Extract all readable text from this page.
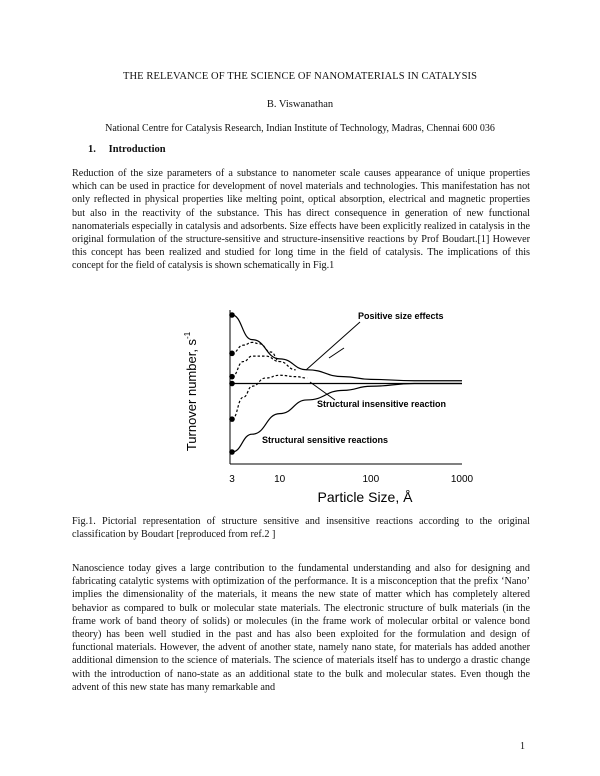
THE RELEVANCE OF THE SCIENCE OF NANOMATERIALS IN CATALYSIS
B. Viswanathan
National Centre for Catalysis Research, Indian Institute of Technology, Madras, Chennai 600 036
1. Introduction

Reduction of the size parameters of a substance to nanometer scale causes appearance of unique properties which can be used in practice for development of novel materials and technologies. This manifestation has not only reflected in physical properties like melting point, optical absorption, electrical and magnetic properties but also in the reactivity of the substance. This has direct consequence in generation of new functional nanomaterials especially in catalysis and adsorbents. Size effects have been explicitly realized in catalysis in the original formulation of the structure-sensitive and structure-insensitive reactions by Prof Boudart.[1] However this concept has been realized and studied for long time in the field of catalysis. The implications of this concept for the field of catalysis is shown schematically in Fig.1

Turnover number, $s^{-1}$
3	10	100	1000
Particle Size, Å
Positive size effects
Structural insensitive reaction
Structural sensitive reactions

Fig.1. Pictorial representation of structure sensitive and insensitive reactions according to the original classification by Boudart [reproduced from ref.2 ]

Nanoscience today gives a large contribution to the fundamental understanding and also for designing and fabricating catalytic systems with optimization of the performance. It is a misconception that the prefix ‘Nano’ implies the dimensionality of the materials, it means the new state of matter which has completely altered behavior as compared to bulk or molecular state materials. The electronic structure of bulk materials (in the frame work of band theory of solids) or molecules (in the frame work of molecular orbital or valence bond theory) has been well studied in the past and has also been exploited for the formulation and design of functional materials. However, the advent of another state, namely nano state, for materials has added another additional dimension to the science of materials. The science of materials itself has to undergo a drastic change with the introduction of nano-state as an additional state to the bulk and molecular states. Even though the advent of this new state has many remarkable and

1
